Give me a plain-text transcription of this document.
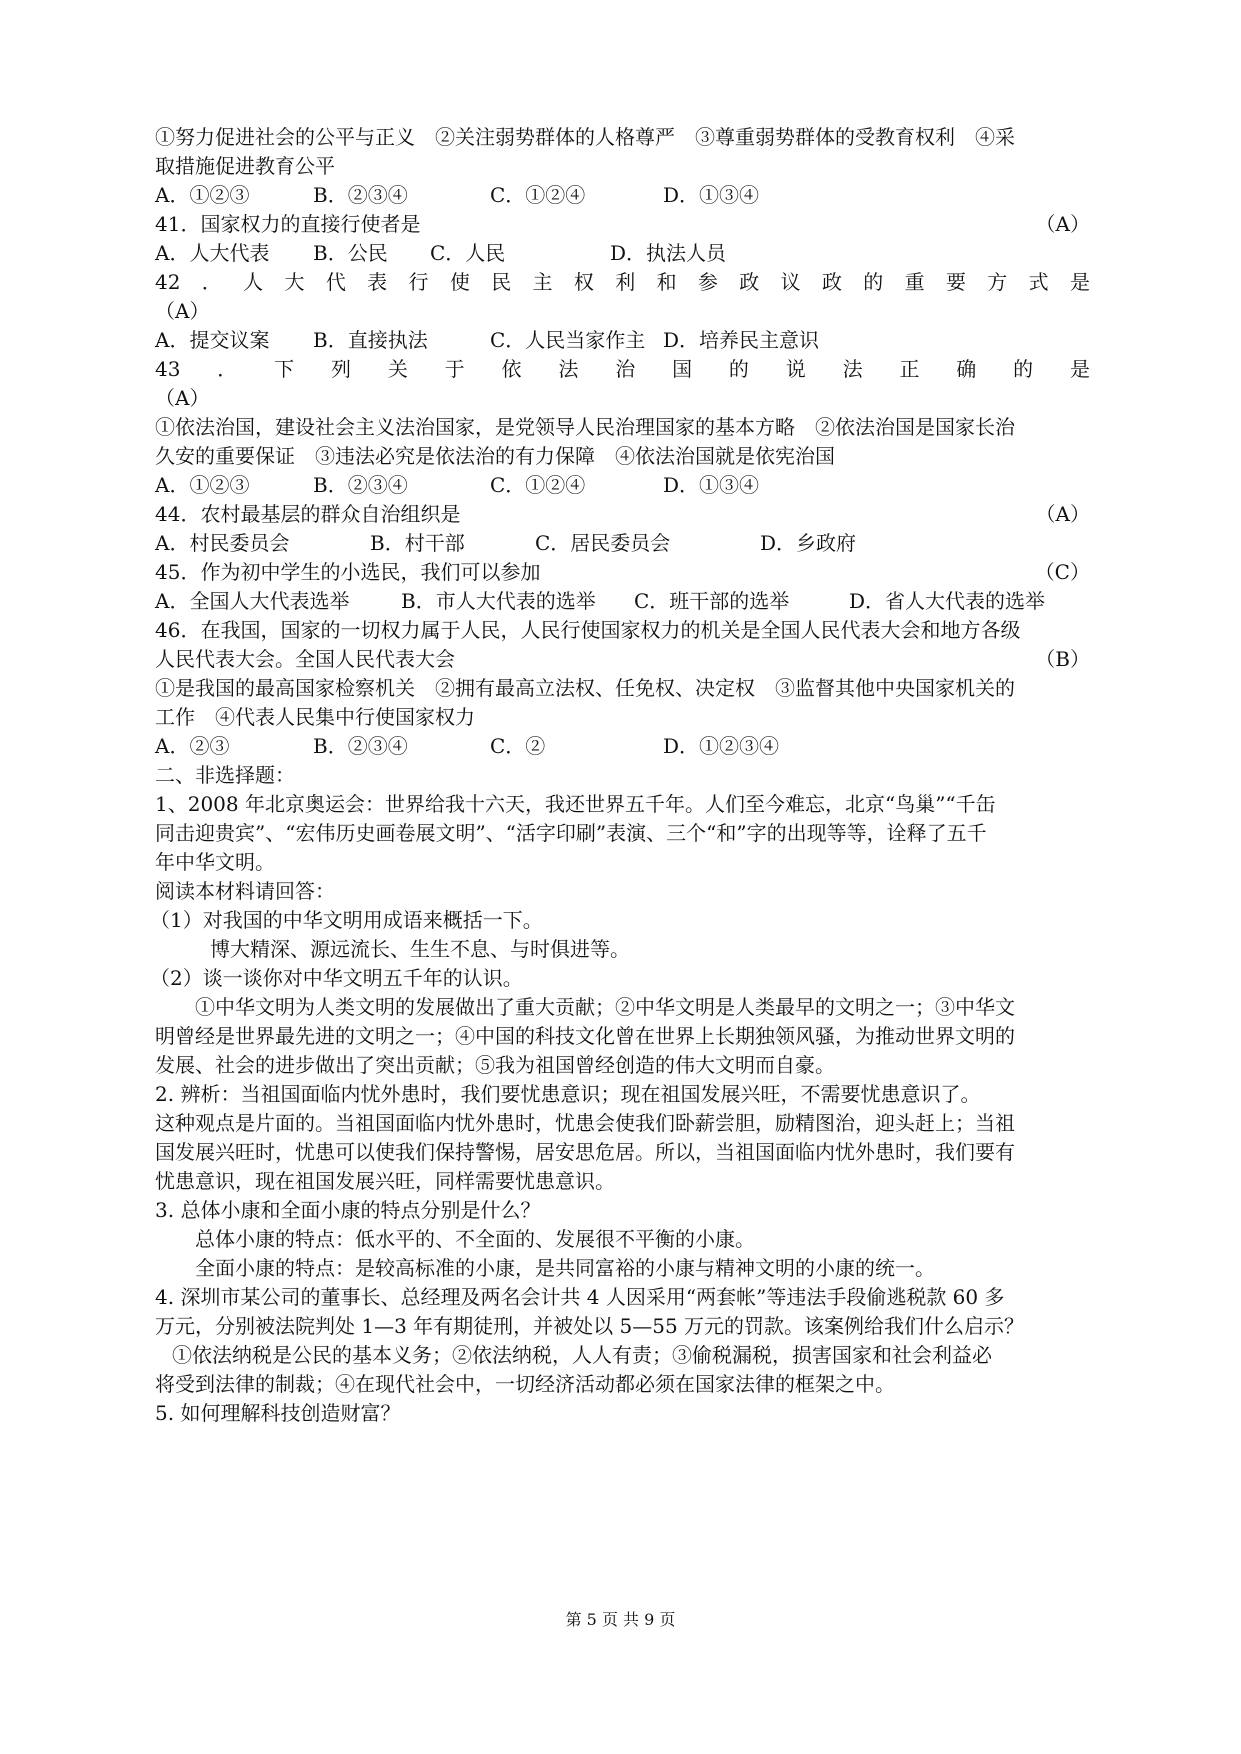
①努力促进社会的公平与正义　②关注弱势群体的人格尊严　③尊重弱势群体的受教育权利　④采
取措施促进教育公平
A．①②③	B．②③④	C．①②④	D．①③④
41．国家权力的直接行使者是	（A）
A．人大代表	B．公民	C．人民	D．执法人员
42．人大代表行使民主权利和参政议政的重要方式是
（A）
A．提交议案	B．直接执法	C．人民当家作主 D．培养民主意识
43．下列关于依法治国的说法正确的是
（A）
①依法治国，建设社会主义法治国家，是党领导人民治理国家的基本方略　②依法治国是国家长治
久安的重要保证　③违法必究是依法治的有力保障　④依法治国就是依宪治国
A．①②③	B．②③④	C．①②④	D．①③④
44．农村最基层的群众自治组织是	（A）
A．村民委员会	B．村干部	C．居民委员会	D．乡政府
45．作为初中学生的小选民，我们可以参加	（C）
A．全国人大代表选举	B．市人大代表的选举	C．班干部的选举	D．省人大代表的选举
46．在我国，国家的一切权力属于人民，人民行使国家权力的机关是全国人民代表大会和地方各级
人民代表大会。全国人民代表大会	（B）
①是我国的最高国家检察机关　②拥有最高立法权、任免权、决定权　③监督其他中央国家机关的
工作　④代表人民集中行使国家权力
A．②③	B．②③④	C．②	D．①②③④
二、非选择题：
1、2008 年北京奥运会：世界给我十六天，我还世界五千年。人们至今难忘，北京“鸟巢”“千缶
同击迎贵宾”、“宏伟历史画卷展文明”、“活字印刷”表演、三个“和”字的出现等等，诠释了五千
年中华文明。
阅读本材料请回答：
（1）对我国的中华文明用成语来概括一下。
博大精深、源远流长、生生不息、与时俱进等。
（2）谈一谈你对中华文明五千年的认识。
①中华文明为人类文明的发展做出了重大贡献；②中华文明是人类最早的文明之一；③中华文
明曾经是世界最先进的文明之一；④中国的科技文化曾在世界上长期独领风骚，为推动世界文明的
发展、社会的进步做出了突出贡献；⑤我为祖国曾经创造的伟大文明而自豪。
2. 辨析：当祖国面临内忧外患时，我们要忧患意识；现在祖国发展兴旺，不需要忧患意识了。
这种观点是片面的。当祖国面临内忧外患时，忧患会使我们卧薪尝胆，励精图治，迎头赶上；当祖
国发展兴旺时，忧患可以使我们保持警惕，居安思危居。所以，当祖国面临内忧外患时，我们要有
忧患意识，现在祖国发展兴旺，同样需要忧患意识。
3. 总体小康和全面小康的特点分别是什么？
总体小康的特点：低水平的、不全面的、发展很不平衡的小康。
全面小康的特点：是较高标准的小康，是共同富裕的小康与精神文明的小康的统一。
4. 深圳市某公司的董事长、总经理及两名会计共 4 人因采用“两套帐”等违法手段偷逃税款 60 多
万元，分别被法院判处 1—3 年有期徒刑，并被处以 5—55 万元的罚款。该案例给我们什么启示？
①依法纳税是公民的基本义务；②依法纳税，人人有责；③偷税漏税，损害国家和社会利益必
将受到法律的制裁；④在现代社会中，一切经济活动都必须在国家法律的框架之中。
5. 如何理解科技创造财富？
第 5 页 共 9 页
